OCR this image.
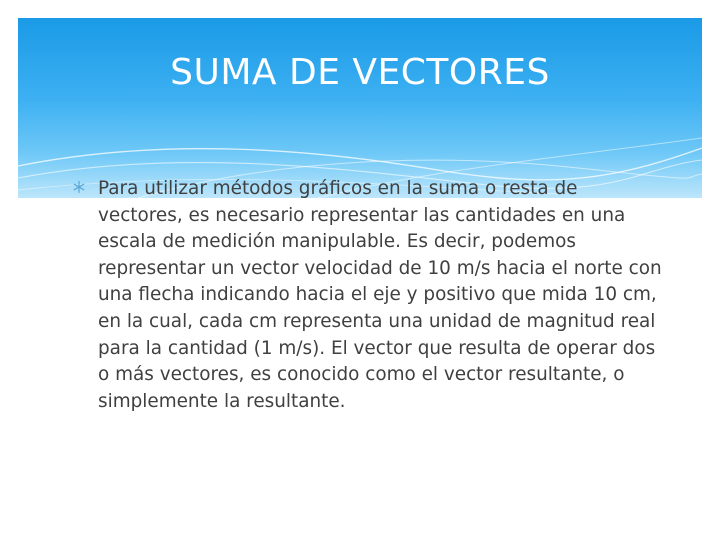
SUMA DE VECTORES

Para utilizar métodos gráficos en la suma o resta de vectores, es necesario representar las cantidades en una escala de medición manipulable. Es decir, podemos representar un vector velocidad de 10 m/s hacia el norte con una flecha indicando hacia el eje y positivo que mida 10 cm, en la cual, cada cm representa una unidad de magnitud real para la cantidad (1 m/s). El vector que resulta de operar dos o más vectores, es conocido como el vector resultante, o simplemente la resultante.
